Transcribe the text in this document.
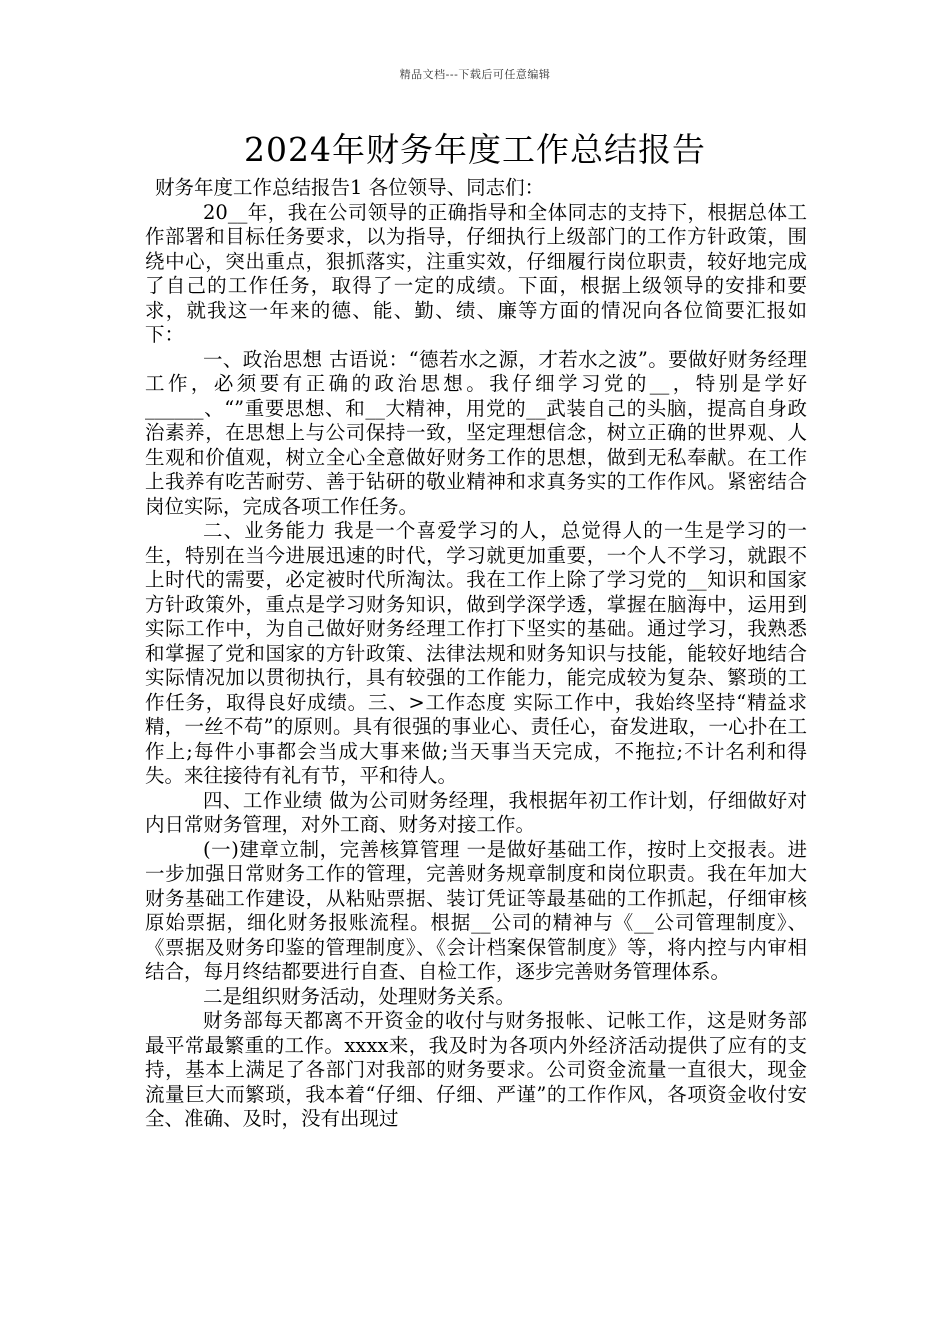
精品文档---下载后可任意编辑
2024年财务年度工作总结报告

财务年度工作总结报告1 各位领导、同志们：

20__年，我在公司领导的正确指导和全体同志的支持下，根据总体工作部署和目标任务要求，以为指导，仔细执行上级部门的工作方针政策，围绕中心，突出重点，狠抓落实，注重实效，仔细履行岗位职责，较好地完成了自己的工作任务，取得了一定的成绩。下面，根据上级领导的安排和要求，就我这一年来的德、能、勤、绩、廉等方面的情况向各位简要汇报如下：

一、政治思想 古语说：“德若水之源，才若水之波”。要做好财务经理工作，必须要有正确的政治思想。我仔细学习党的__，特别是学好______、“”重要思想、和__大精神，用党的__武装自己的头脑，提高自身政治素养，在思想上与公司保持一致，坚定理想信念，树立正确的世界观、人生观和价值观，树立全心全意做好财务工作的思想，做到无私奉献。在工作上我养有吃苦耐劳、善于钻研的敬业精神和求真务实的工作作风。紧密结合岗位实际，完成各项工作任务。

二、业务能力 我是一个喜爱学习的人，总觉得人的一生是学习的一生，特别在当今进展迅速的时代，学习就更加重要，一个人不学习，就跟不上时代的需要，必定被时代所淘汰。我在工作上除了学习党的__知识和国家方针政策外，重点是学习财务知识，做到学深学透，掌握在脑海中，运用到实际工作中，为自己做好财务经理工作打下坚实的基础。通过学习，我熟悉和掌握了党和国家的方针政策、法律法规和财务知识与技能，能较好地结合实际情况加以贯彻执行，具有较强的工作能力，能完成较为复杂、繁琐的工作任务，取得良好成绩。三、>工作态度 实际工作中，我始终坚持“精益求精，一丝不苟”的原则。具有很强的事业心、责任心，奋发进取，一心扑在工作上;每件小事都会当成大事来做;当天事当天完成，不拖拉;不计名利和得失。来往接待有礼有节，平和待人。

四、工作业绩 做为公司财务经理，我根据年初工作计划，仔细做好对内日常财务管理，对外工商、财务对接工作。

(一)建章立制，完善核算管理 一是做好基础工作，按时上交报表。进一步加强日常财务工作的管理，完善财务规章制度和岗位职责。我在年加大财务基础工作建设，从粘贴票据、装订凭证等最基础的工作抓起，仔细审核原始票据，细化财务报账流程。根据__公司的精神与《__公司管理制度》、《票据及财务印鉴的管理制度》、《会计档案保管制度》等，将内控与内审相结合，每月终结都要进行自查、自检工作，逐步完善财务管理体系。

二是组织财务活动，处理财务关系。

财务部每天都离不开资金的收付与财务报帐、记帐工作，这是财务部最平常最繁重的工作。xxxx来，我及时为各项内外经济活动提供了应有的支持，基本上满足了各部门对我部的财务要求。公司资金流量一直很大，现金流量巨大而繁琐，我本着“仔细、仔细、严谨”的工作作风，各项资金收付安全、准确、及时，没有出现过
